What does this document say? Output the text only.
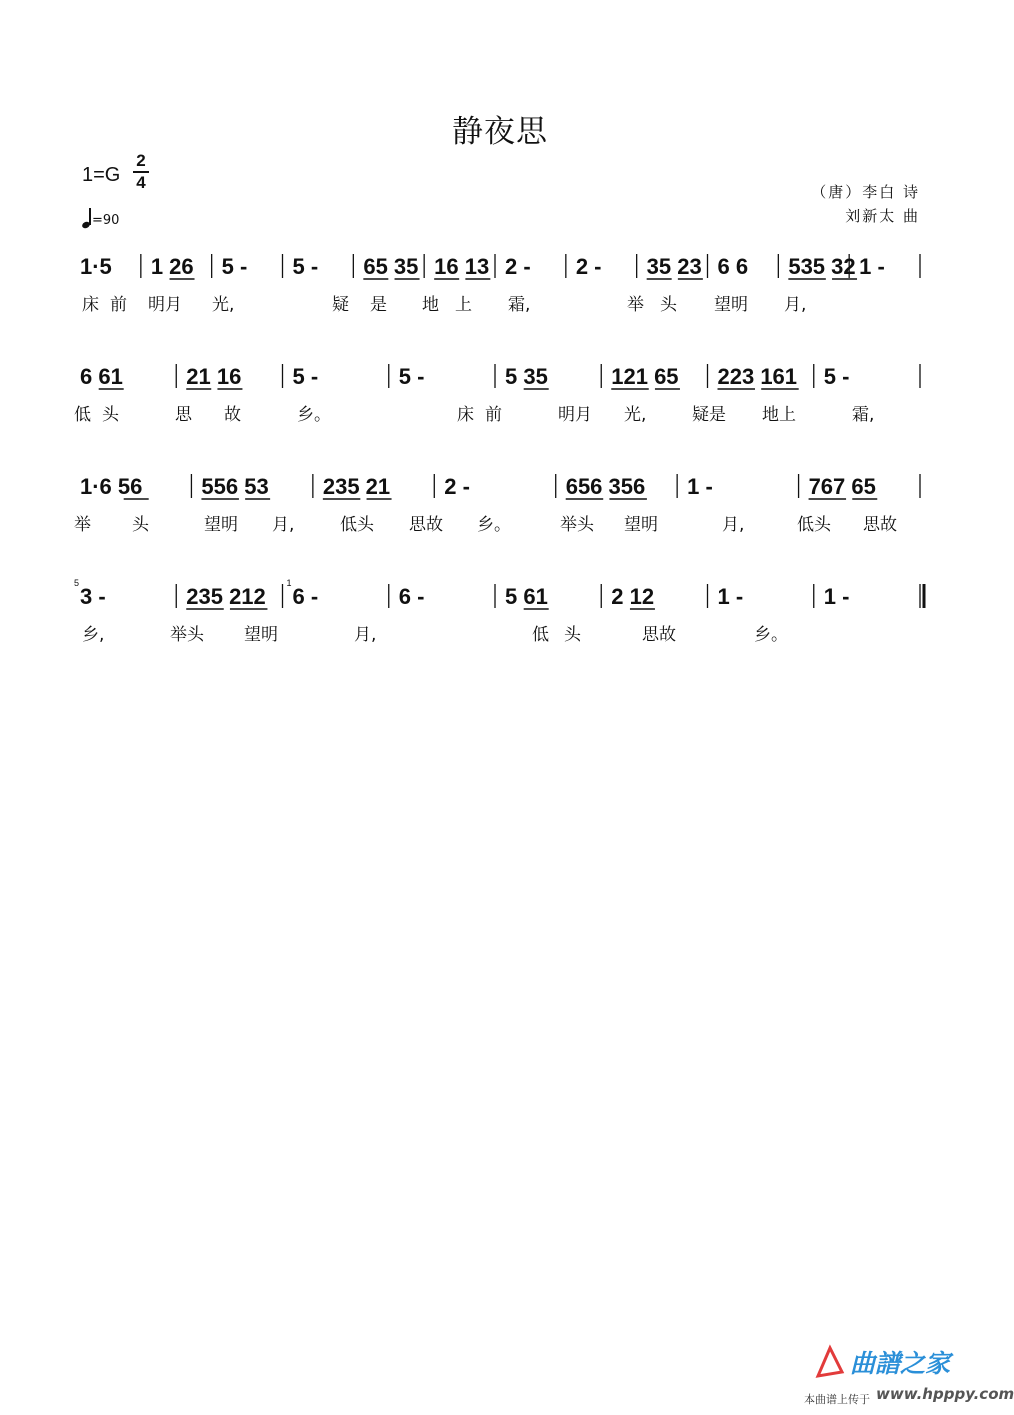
静夜思
1=G
2
4
=90
（唐）李白 诗
刘新太 曲
1·5 1 26 5 - 5 - 65 35 16 13 2 - 2 - 35 23 6 6 535 32 1 -
床 前 明月 光,	疑 是 地 上 霜,	举 头 望明 月,
6 61	21 16 5 -	5 -	5 35	121 65 223 161 5 -
低 头	思 故	乡。	床 前	明月 光,	疑是 地上	霜,
1·6 56	556 53 235 21 2 -	656 356 1 -	767 65
举 头	望明 月,	低头 思故 乡。	举头 望明	月,	低头 思故
3 -	235 212 6 -	6 -	5 61	2 12	1 -	1 -
5	1
乡,	举头 望明	月,	低 头	思故	乡。
曲譜之家
本曲谱上传于 www.hpppy.com
